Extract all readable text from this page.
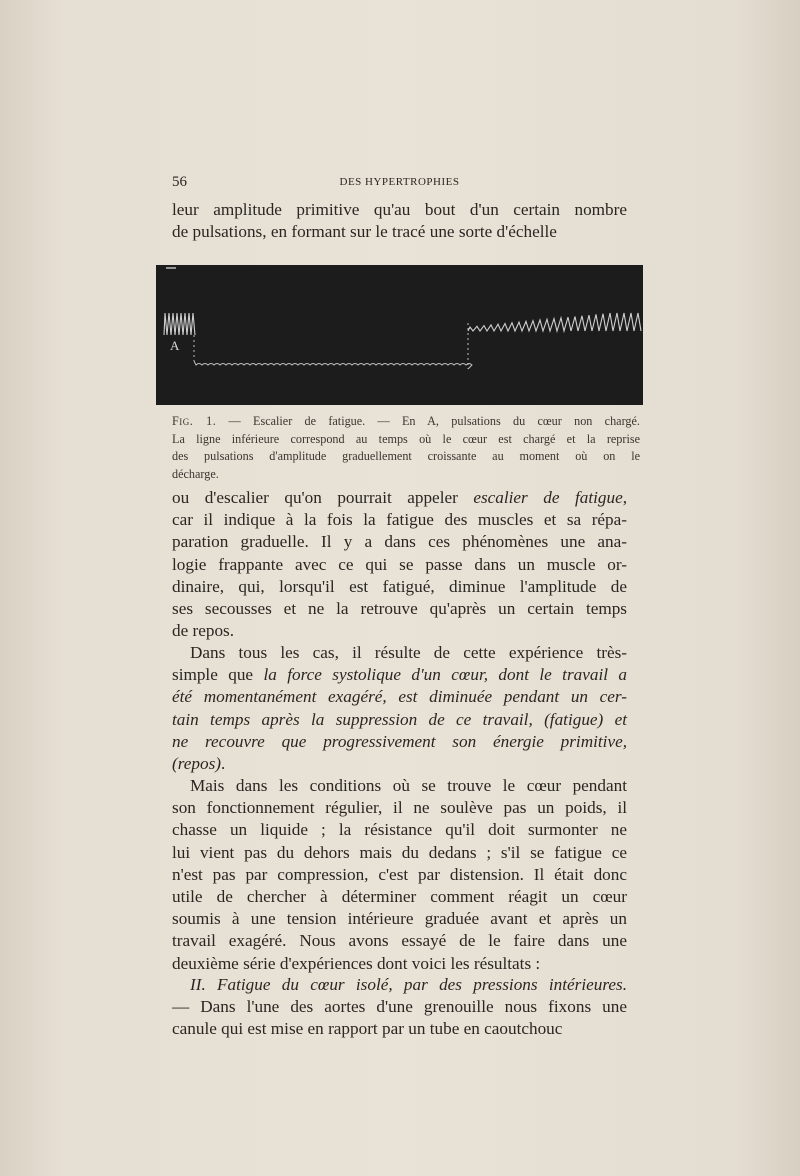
56	DES HYPERTROPHIES

leur amplitude primitive qu'au bout d'un certain nombre
de pulsations, en formant sur le tracé une sorte d'échelle

A
Fig. 1. — Escalier de fatigue. — En A, pulsations du cœur non chargé.
La ligne inférieure correspond au temps où le cœur est chargé et la reprise
des pulsations d'amplitude graduellement croissante au moment où on le
décharge.

ou d'escalier qu'on pourrait appeler escalier de fatigue,
car il indique à la fois la fatigue des muscles et sa répa-
paration graduelle. Il y a dans ces phénomènes une ana-
logie frappante avec ce qui se passe dans un muscle or-
dinaire, qui, lorsqu'il est fatigué, diminue l'amplitude de
ses secousses et ne la retrouve qu'après un certain temps
de repos.

Dans tous les cas, il résulte de cette expérience très-
simple que la force systolique d'un cœur, dont le travail a
été momentanément exagéré, est diminuée pendant un cer-
tain temps après la suppression de ce travail, (fatigue) et
ne recouvre que progressivement son énergie primitive,
(repos).

Mais dans les conditions où se trouve le cœur pendant
son fonctionnement régulier, il ne soulève pas un poids, il
chasse un liquide ; la résistance qu'il doit surmonter ne
lui vient pas du dehors mais du dedans ; s'il se fatigue ce
n'est pas par compression, c'est par distension. Il était donc
utile de chercher à déterminer comment réagit un cœur
soumis à une tension intérieure graduée avant et après un
travail exagéré. Nous avons essayé de le faire dans une
deuxième série d'expériences dont voici les résultats :

II. Fatigue du cœur isolé, par des pressions intérieures.
— Dans l'une des aortes d'une grenouille nous fixons une
canule qui est mise en rapport par un tube en caoutchouc
